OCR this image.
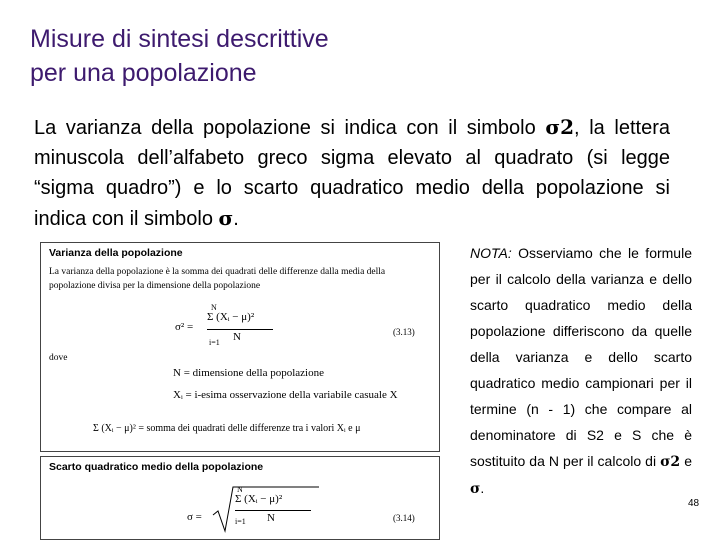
Misure di sintesi descrittive
per una popolazione
La varianza della popolazione si indica con il simbolo σ2, la lettera minuscola dell’alfabeto greco sigma elevato al quadrato (si legge “sigma quadro”) e lo scarto quadratico medio della popolazione si indica con il simbolo σ.
Varianza della popolazione
La varianza della popolazione è la somma dei quadrati delle differenze dalla media della popolazione divisa per la dimensione della popolazione
σ² =
N
i=1
Σ (Xᵢ − μ)²
N	(3.13)
dove
N = dimensione della popolazione
Xᵢ = i-esima osservazione della variabile casuale X
Σ (Xᵢ − μ)² = somma dei quadrati delle differenze tra i valori Xᵢ e μ
Scarto quadratico medio della popolazione
σ =
N
i=1
Σ (Xᵢ − μ)²
N	(3.14)
NOTA: Osserviamo che le formule per il calcolo della varianza e dello scarto quadratico medio della popolazione differiscono da quelle della varianza e dello scarto quadratico medio campionari per il termine (n - 1) che compare al denominatore di S2 e S che è sostituito da N per il calcolo di σ2 e σ.
48
